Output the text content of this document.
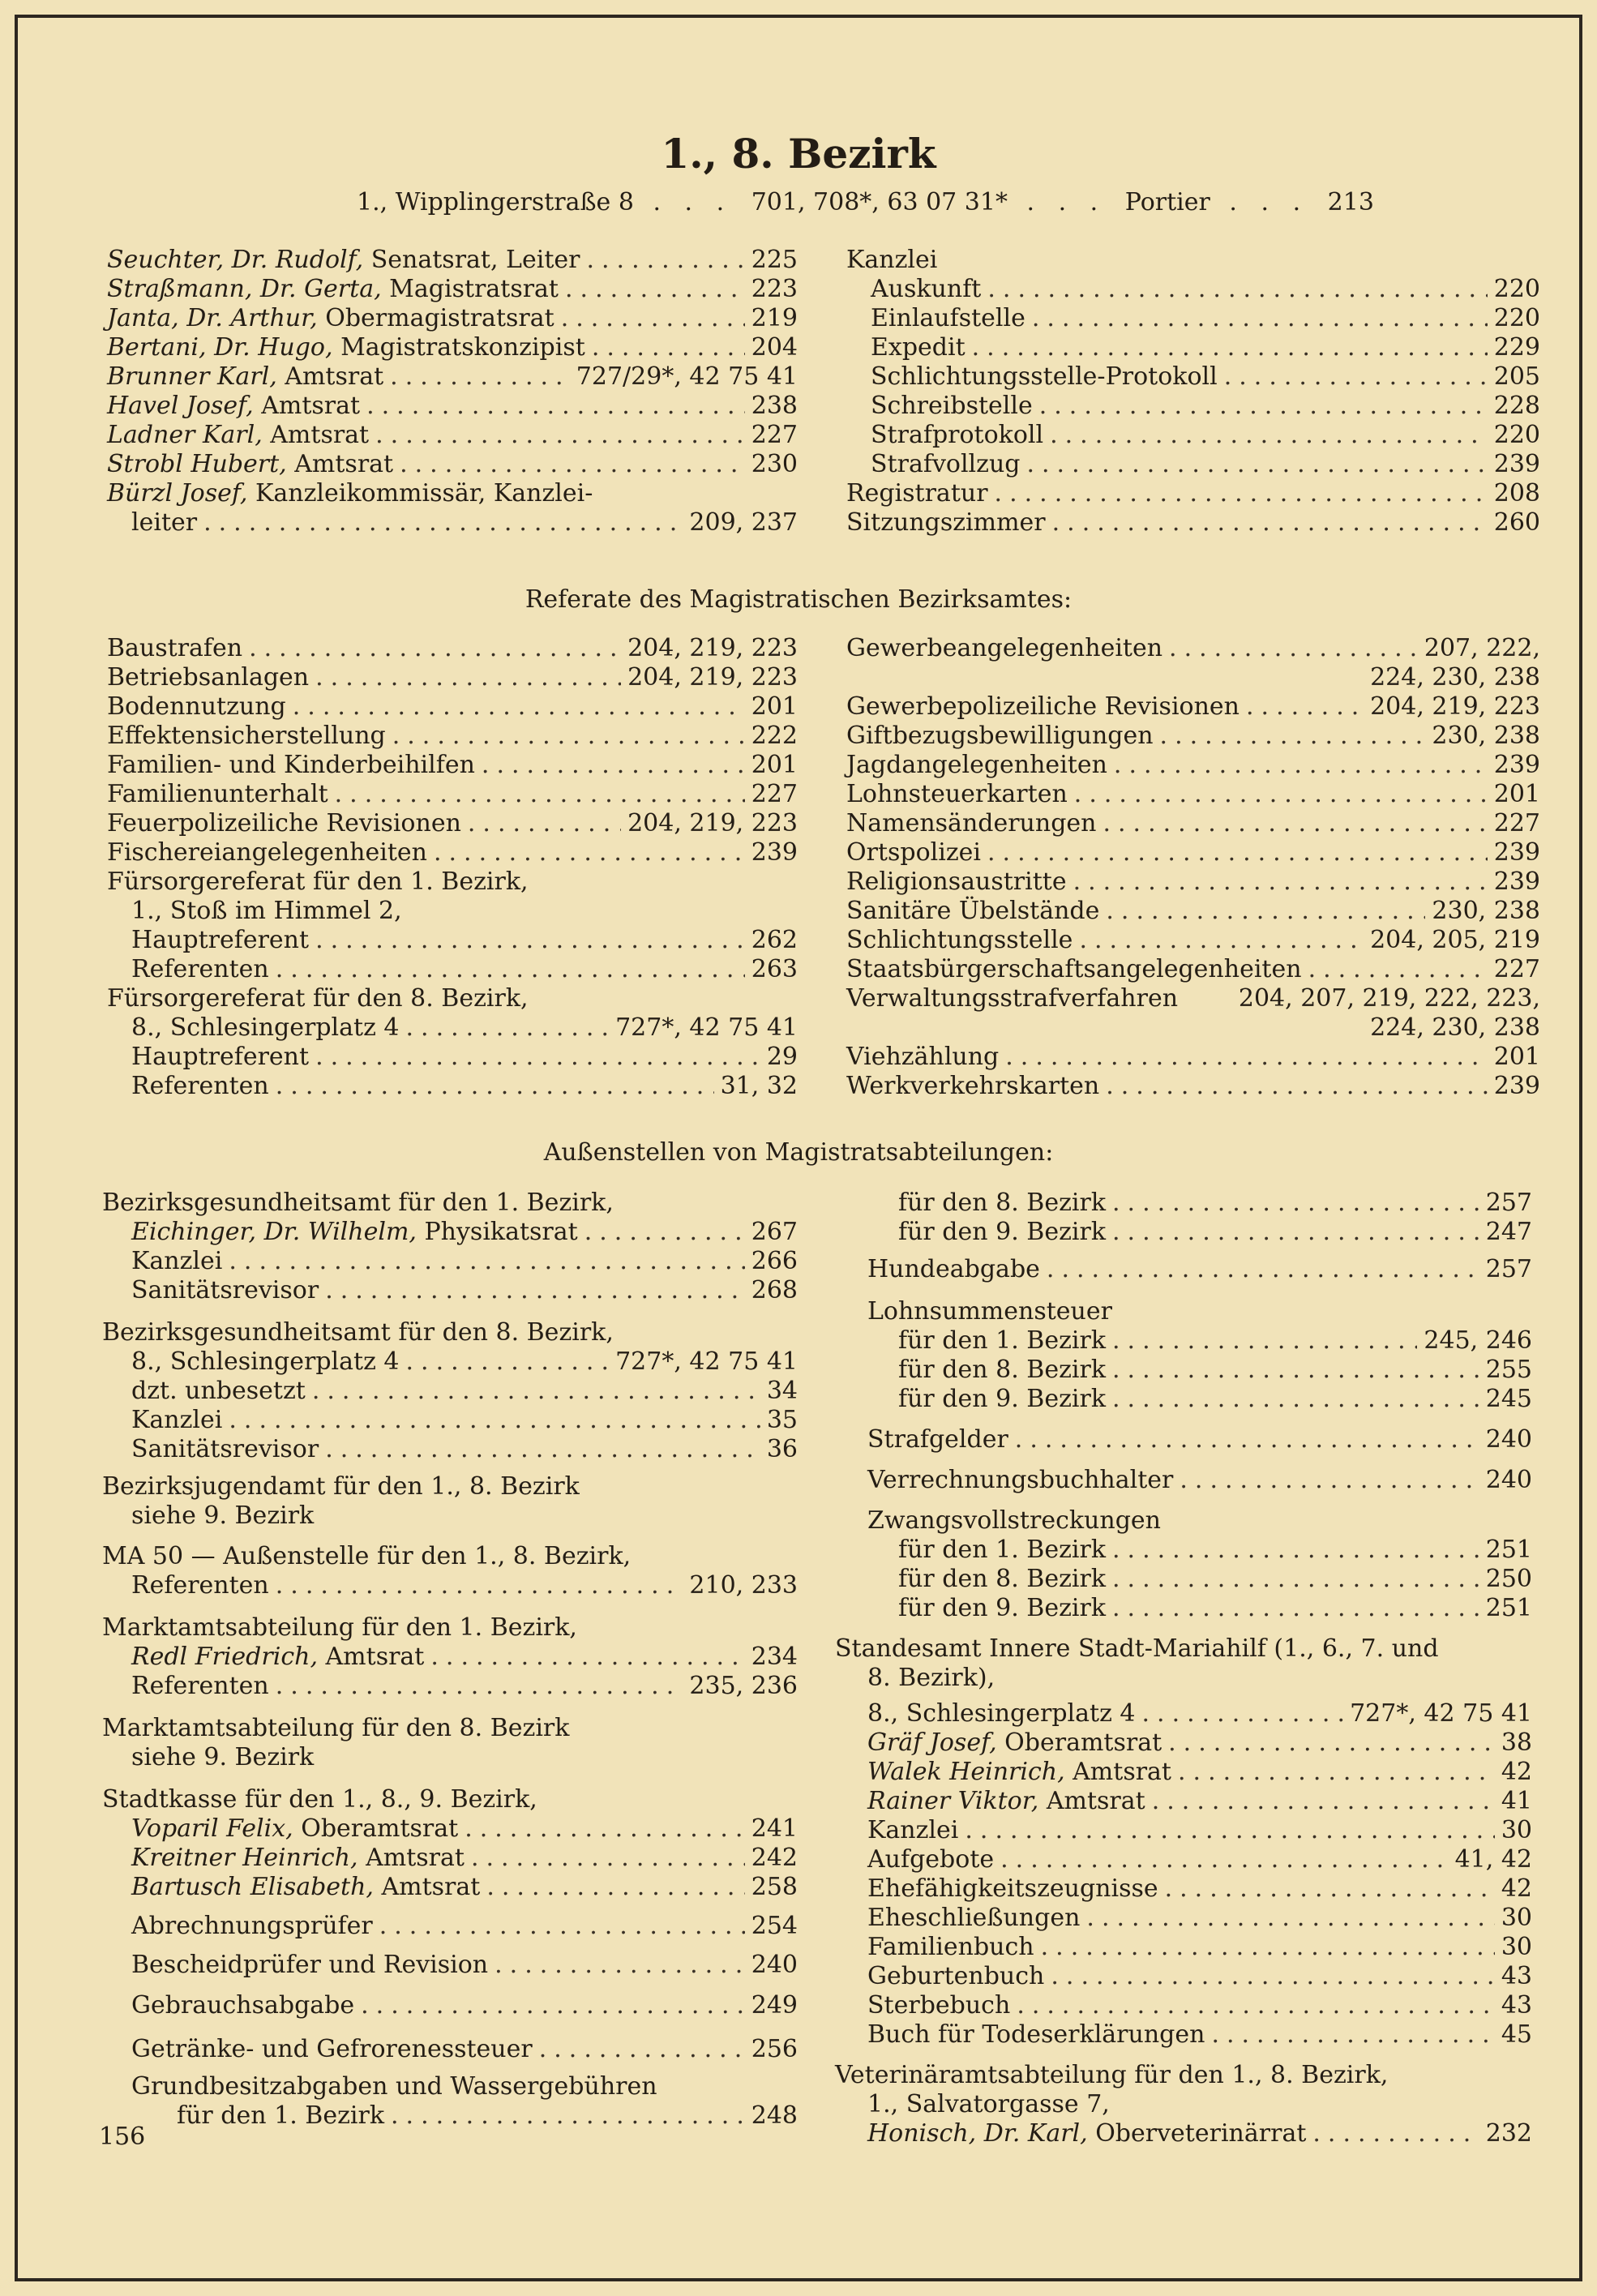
1., 8. Bezirk
1., Wipplingerstraße 8 . . . 701, 708*, 63 07 31* . . . Portier . . . 213
Seuchter, Dr. Rudolf, Senatsrat, Leiter .....	225
Straßmann, Dr. Gerta, Magistratsrat .....	223
Janta, Dr. Arthur, Obermagistratsrat .....	219
Bertani, Dr. Hugo, Magistratskonzipist .....	204
Brunner Karl, Amtsrat .....	727/29*, 42 75 41
Havel Josef, Amtsrat .....	238
Ladner Karl, Amtsrat .....	227
Strobl Hubert, Amtsrat .....	230
Bürzl Josef, Kanzleikommissär, Kanzlei-
leiter .....	209, 237
Kanzlei
Auskunft .....	220
Einlaufstelle .....	220
Expedit .....	229
Schlichtungsstelle-Protokoll .....	205
Schreibstelle .....	228
Strafprotokoll .....	220
Strafvollzug .....	239
Registratur .....	208
Sitzungszimmer .....	260
Referate des Magistratischen Bezirksamtes:
Baustrafen .....	204, 219, 223
Betriebsanlagen .....	204, 219, 223
Bodennutzung .....	201
Effektensicherstellung .....	222
Familien- und Kinderbeihilfen .....	201
Familienunterhalt .....	227
Feuerpolizeiliche Revisionen .....	204, 219, 223
Fischereiangelegenheiten .....	239
Fürsorgereferat für den 1. Bezirk,
1., Stoß im Himmel 2,
Hauptreferent .....	262
Referenten .....	263
Fürsorgereferat für den 8. Bezirk,
8., Schlesingerplatz 4 .....	727*, 42 75 41
Hauptreferent .....	29
Referenten .....	31, 32
Gewerbeangelegenheiten .....	207, 222,
224, 230, 238
Gewerbepolizeiliche Revisionen .....	204, 219, 223
Giftbezugsbewilligungen .....	230, 238
Jagdangelegenheiten .....	239
Lohnsteuerkarten .....	201
Namensänderungen .....	227
Ortspolizei .....	239
Religionsaustritte .....	239
Sanitäre Übelstände .....	230, 238
Schlichtungsstelle .....	204, 205, 219
Staatsbürgerschaftsangelegenheiten .....	227
Verwaltungsstrafverfahren 204, 207, 219, 222, 223,
224, 230, 238
Viehzählung .....	201
Werkverkehrskarten .....	239
Außenstellen von Magistratsabteilungen:
Bezirksgesundheitsamt für den 1. Bezirk,
Eichinger, Dr. Wilhelm, Physikatsrat .....	267
Kanzlei .....	266
Sanitätsrevisor .....	268
Bezirksgesundheitsamt für den 8. Bezirk,
8., Schlesingerplatz 4 .....	727*, 42 75 41
dzt. unbesetzt .....	34
Kanzlei .....	35
Sanitätsrevisor .....	36
Bezirksjugendamt für den 1., 8. Bezirk
siehe 9. Bezirk
MA 50 — Außenstelle für den 1., 8. Bezirk,
Referenten .....	210, 233
Marktamtsabteilung für den 1. Bezirk,
Redl Friedrich, Amtsrat .....	234
Referenten .....	235, 236
Marktamtsabteilung für den 8. Bezirk
siehe 9. Bezirk
Stadtkasse für den 1., 8., 9. Bezirk,
Voparil Felix, Oberamtsrat .....	241
Kreitner Heinrich, Amtsrat .....	242
Bartusch Elisabeth, Amtsrat .....	258
Abrechnungsprüfer .....	254
Bescheidprüfer und Revision .....	240
Gebrauchsabgabe .....	249
Getränke- und Gefrorenessteuer .....	256
Grundbesitzabgaben und Wassergebühren
für den 1. Bezirk .....	248
für den 8. Bezirk .....	257
für den 9. Bezirk .....	247
Hundeabgabe .....	257
Lohnsummensteuer
für den 1. Bezirk .....	245, 246
für den 8. Bezirk .....	255
für den 9. Bezirk .....	245
Strafgelder .....	240
Verrechnungsbuchhalter .....	240
Zwangsvollstreckungen
für den 1. Bezirk .....	251
für den 8. Bezirk .....	250
für den 9. Bezirk .....	251
Standesamt Innere Stadt-Mariahilf (1., 6., 7. und
8. Bezirk),
8., Schlesingerplatz 4 .....	727*, 42 75 41
Gräf Josef, Oberamtsrat .....	38
Walek Heinrich, Amtsrat .....	42
Rainer Viktor, Amtsrat .....	41
Kanzlei .....	30
Aufgebote .....	41, 42
Ehefähigkeitszeugnisse .....	42
Eheschließungen .....	30
Familienbuch .....	30
Geburtenbuch .....	43
Sterbebuch .....	43
Buch für Todeserklärungen .....	45
Veterinäramtsabteilung für den 1., 8. Bezirk,
1., Salvatorgasse 7,
Honisch, Dr. Karl, Oberveterinärrat .....	232
156
